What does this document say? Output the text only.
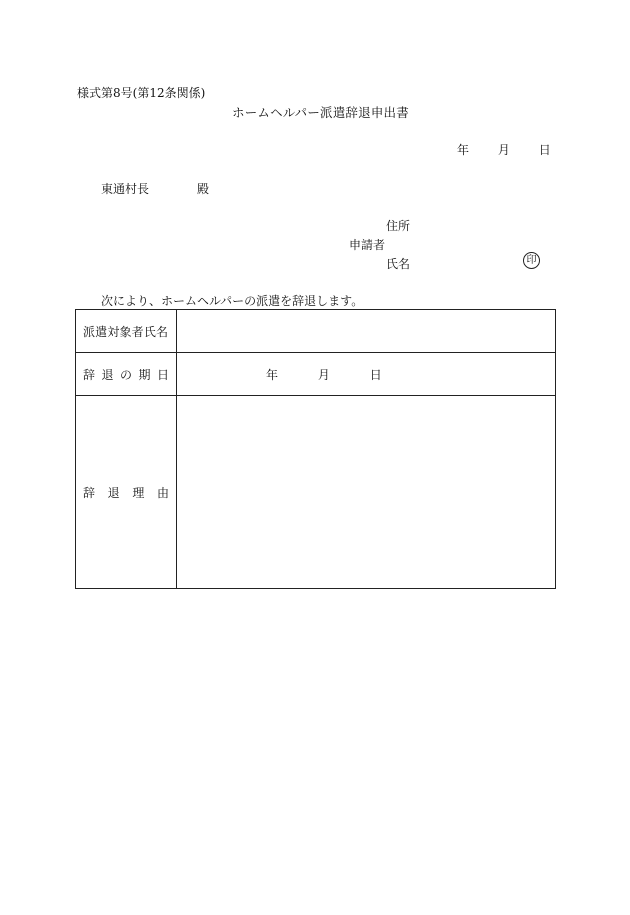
様式第8号(第12条関係)
ホームヘルパー派遣辞退申出書
年 月 日
東通村長	殿
住所
申請者
氏名	印
次により、ホームヘルパーの派遣を辞退します。
派遣対象者氏名	

辞退の期日	年 月 日

辞退理由	
